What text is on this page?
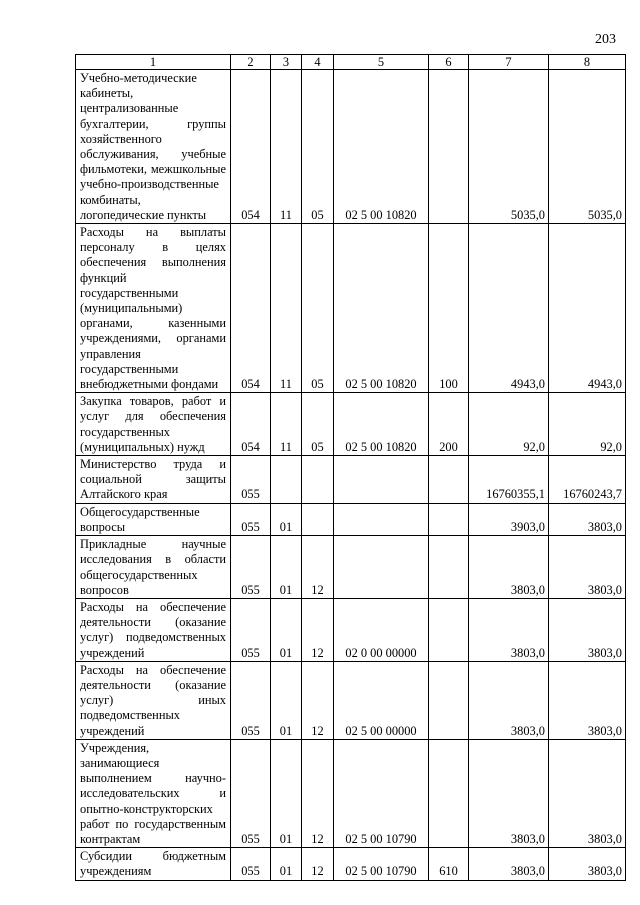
203
1	2	3	4	5	6	7	8
Учебно-методические кабинеты, централизованные бухгалтерии, группы хозяйственного обслуживания, учебные фильмотеки, межшкольные учебно-производственные комбинаты, логопедические пункты	054	11	05	02 5 00 10820		5035,0	5035,0
Расходы на выплаты персоналу в целях обеспечения выполнения функций государственными (муниципальными) органами, казенными учреждениями, органами управления государственными внебюджетными фондами	054	11	05	02 5 00 10820	100	4943,0	4943,0
Закупка товаров, работ и услуг для обеспечения государственных (муниципальных) нужд	054	11	05	02 5 00 10820	200	92,0	92,0
Министерство труда и социальной защиты Алтайского края	055					16760355,1	16760243,7
Общегосударственные вопросы	055	01				3903,0	3803,0
Прикладные научные исследования в области общегосударственных вопросов	055	01	12			3803,0	3803,0
Расходы на обеспечение деятельности (оказание услуг) подведомственных учреждений	055	01	12	02 0 00 00000		3803,0	3803,0
Расходы на обеспечение деятельности (оказание услуг) иных подведомственных учреждений	055	01	12	02 5 00 00000		3803,0	3803,0
Учреждения, занимающиеся выполнением научно-исследовательских и опытно-конструкторских работ по государственным контрактам	055	01	12	02 5 00 10790		3803,0	3803,0
Субсидии бюджетным учреждениям	055	01	12	02 5 00 10790	610	3803,0	3803,0
